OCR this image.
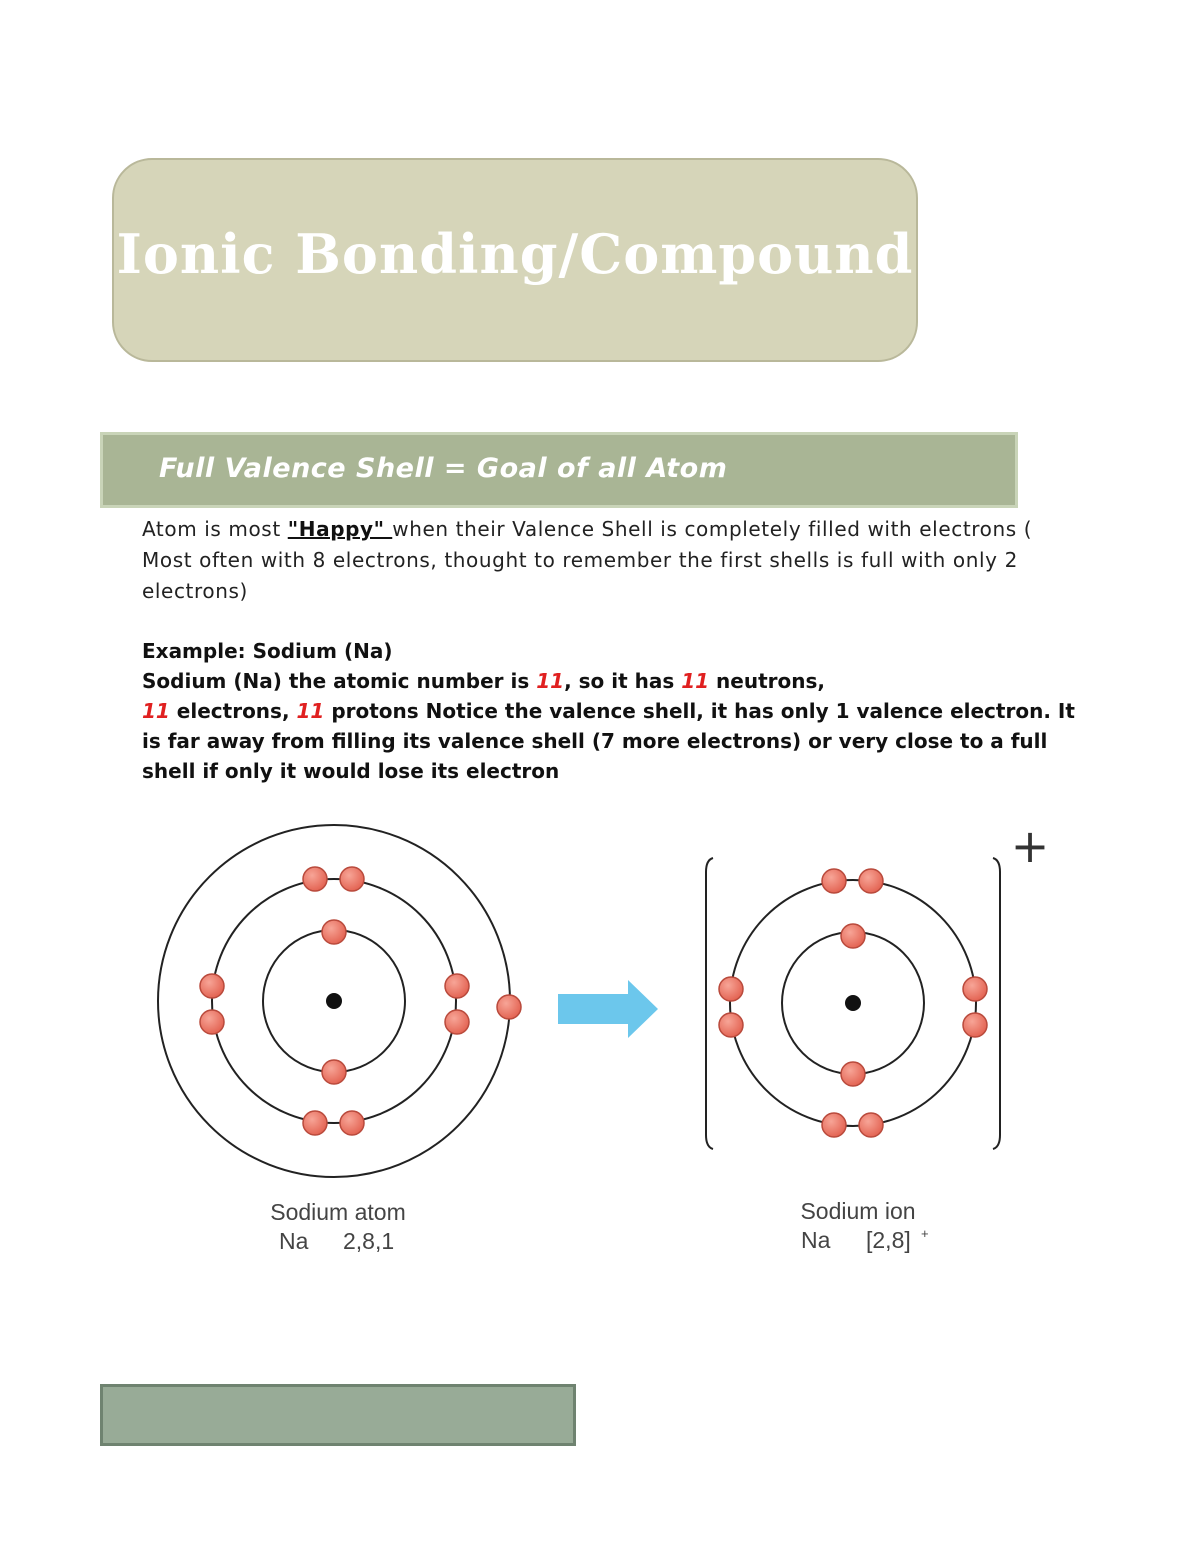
Ionic Bonding/Compound
Full Valence Shell = Goal of all Atom
Atom is most "Happy" when their Valence Shell is completely filled with electrons ( Most often with 8 electrons, thought to remember the first shells is full with only 2 electrons)
Example: Sodium (Na)
Sodium (Na) the atomic number is 11, so it has 11 neutrons,
11 electrons, 11 protons Notice the valence shell, it has only 1 valence electron. It is far away from filling its valence shell (7 more electrons) or very close to a full shell if only it would lose its electron
+
Sodium atom
Na 2,8,1
Sodium ion
Na [2,8] +
